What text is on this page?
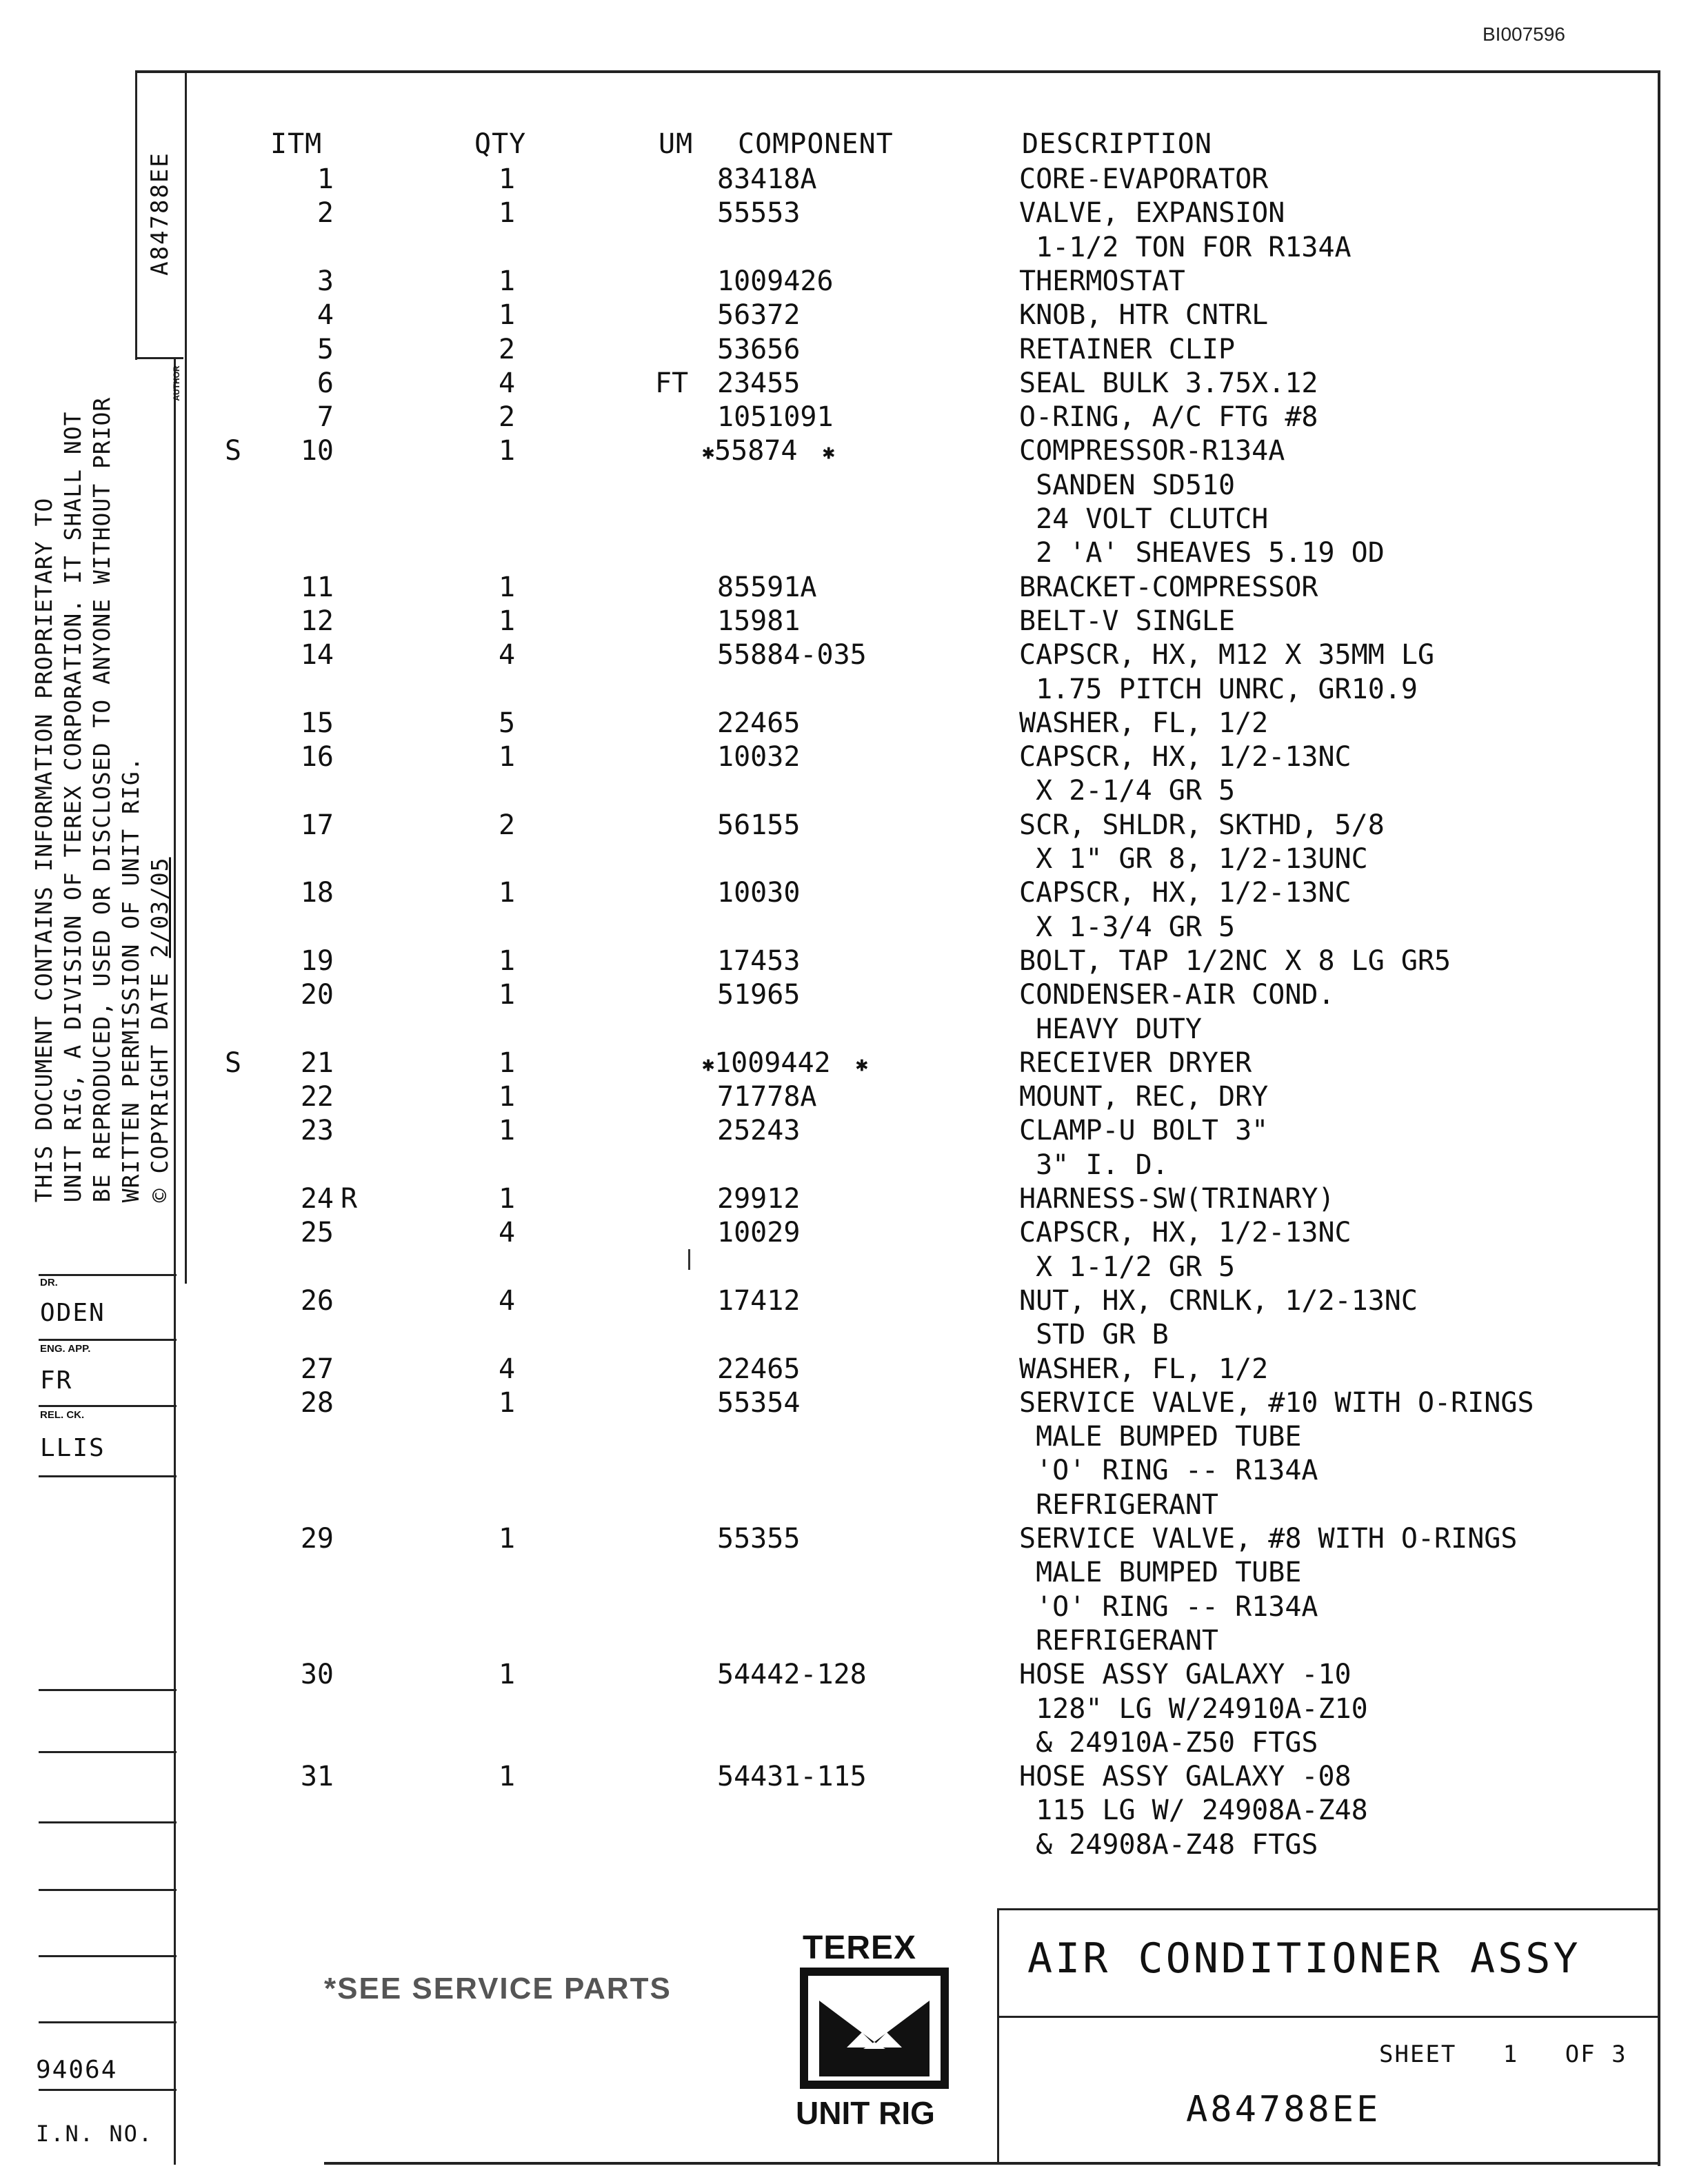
BI007596
A84788EE
AUTHOR
THIS DOCUMENT CONTAINS INFORMATION PROPRIETARY TO
UNIT RIG, A DIVISION OF TEREX CORPORATION. IT SHALL NOT
BE REPRODUCED, USED OR DISCLOSED TO ANYONE WITHOUT PRIOR
WRITTEN PERMISSION OF UNIT RIG.
© COPYRIGHT DATE 2/03/05
DR.
ODEN
ENG. APP.
FR
REL. CK.
LLIS
94064
I.N. NO.
ITM	QTY	UM COMPONENT	DESCRIPTION
1	1	83418A	CORE-EVAPORATOR
2	1	55553	VALVE, EXPANSION
1-1/2 TON FOR R134A
3	1	1009426	THERMOSTAT
4	1	56372	KNOB, HTR CNTRL
5	2	53656	RETAINER CLIP
6	4	FT	23455	SEAL BULK 3.75X.12
7	2	1051091	O-RING, A/C FTG #8
S	10	1	✱55874  ✱	COMPRESSOR-R134A
SANDEN SD510
24 VOLT CLUTCH
2 'A' SHEAVES 5.19 OD
11	1	85591A	BRACKET-COMPRESSOR
12	1	15981	BELT-V SINGLE
14	4	55884-035	CAPSCR, HX, M12 X 35MM LG
1.75 PITCH UNRC, GR10.9
15	5	22465	WASHER, FL, 1/2
16	1	10032	CAPSCR, HX, 1/2-13NC
X 2-1/4 GR 5
17	2	56155	SCR, SHLDR, SKTHD, 5/8
X 1" GR 8, 1/2-13UNC
18	1	10030	CAPSCR, HX, 1/2-13NC
X 1-3/4 GR 5
19	1	17453	BOLT, TAP 1/2NC X 8 LG GR5
20	1	51965	CONDENSER-AIR COND.
HEAVY DUTY
S	21	1	✱1009442  ✱	RECEIVER DRYER
22	1	71778A	MOUNT, REC, DRY
23	1	25243	CLAMP-U BOLT 3"
3" I. D.
24 R	1	29912	HARNESS-SW(TRINARY)
25	4	10029	CAPSCR, HX, 1/2-13NC
X 1-1/2 GR 5
26	4	17412	NUT, HX, CRNLK, 1/2-13NC
STD GR B
27	4	22465	WASHER, FL, 1/2
28	1	55354	SERVICE VALVE, #10 WITH O-RINGS
MALE BUMPED TUBE
'O' RING -- R134A
REFRIGERANT
29	1	55355	SERVICE VALVE, #8 WITH O-RINGS
MALE BUMPED TUBE
'O' RING -- R134A
REFRIGERANT
30	1	54442-128	HOSE ASSY GALAXY -10
128" LG W/24910A-Z10
& 24910A-Z50 FTGS
31	1	54431-115	HOSE ASSY GALAXY -08
115 LG W/ 24908A-Z48
& 24908A-Z48 FTGS
*SEE SERVICE PARTS
TEREX
UNIT RIG
AIR CONDITIONER ASSY
SHEET 1 OF 3
A84788EE
